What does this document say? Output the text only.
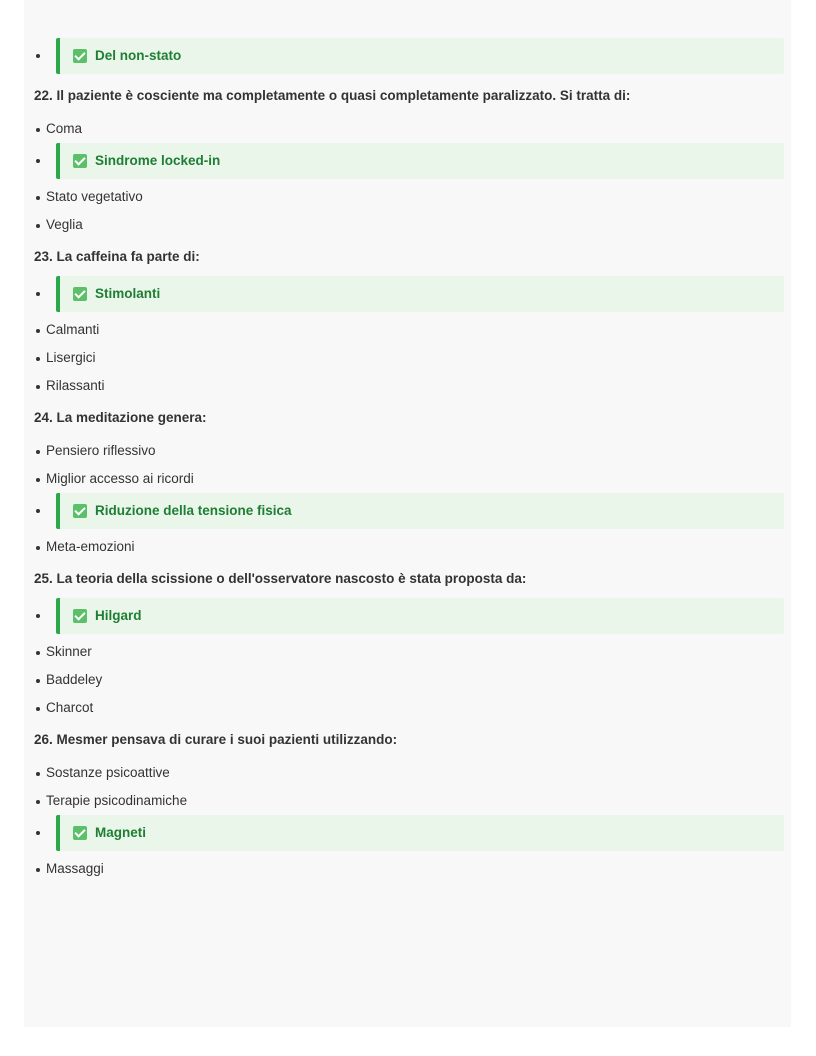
Del non-stato

22. Il paziente è cosciente ma completamente o quasi completamente paralizzato. Si tratta di:

Coma
Sindrome locked-in
Stato vegetativo
Veglia

23. La caffeina fa parte di:

Stimolanti
Calmanti
Lisergici
Rilassanti

24. La meditazione genera:

Pensiero riflessivo
Miglior accesso ai ricordi
Riduzione della tensione fisica
Meta-emozioni

25. La teoria della scissione o dell'osservatore nascosto è stata proposta da:

Hilgard
Skinner
Baddeley
Charcot

26. Mesmer pensava di curare i suoi pazienti utilizzando:

Sostanze psicoattive
Terapie psicodinamiche
Magneti
Massaggi
